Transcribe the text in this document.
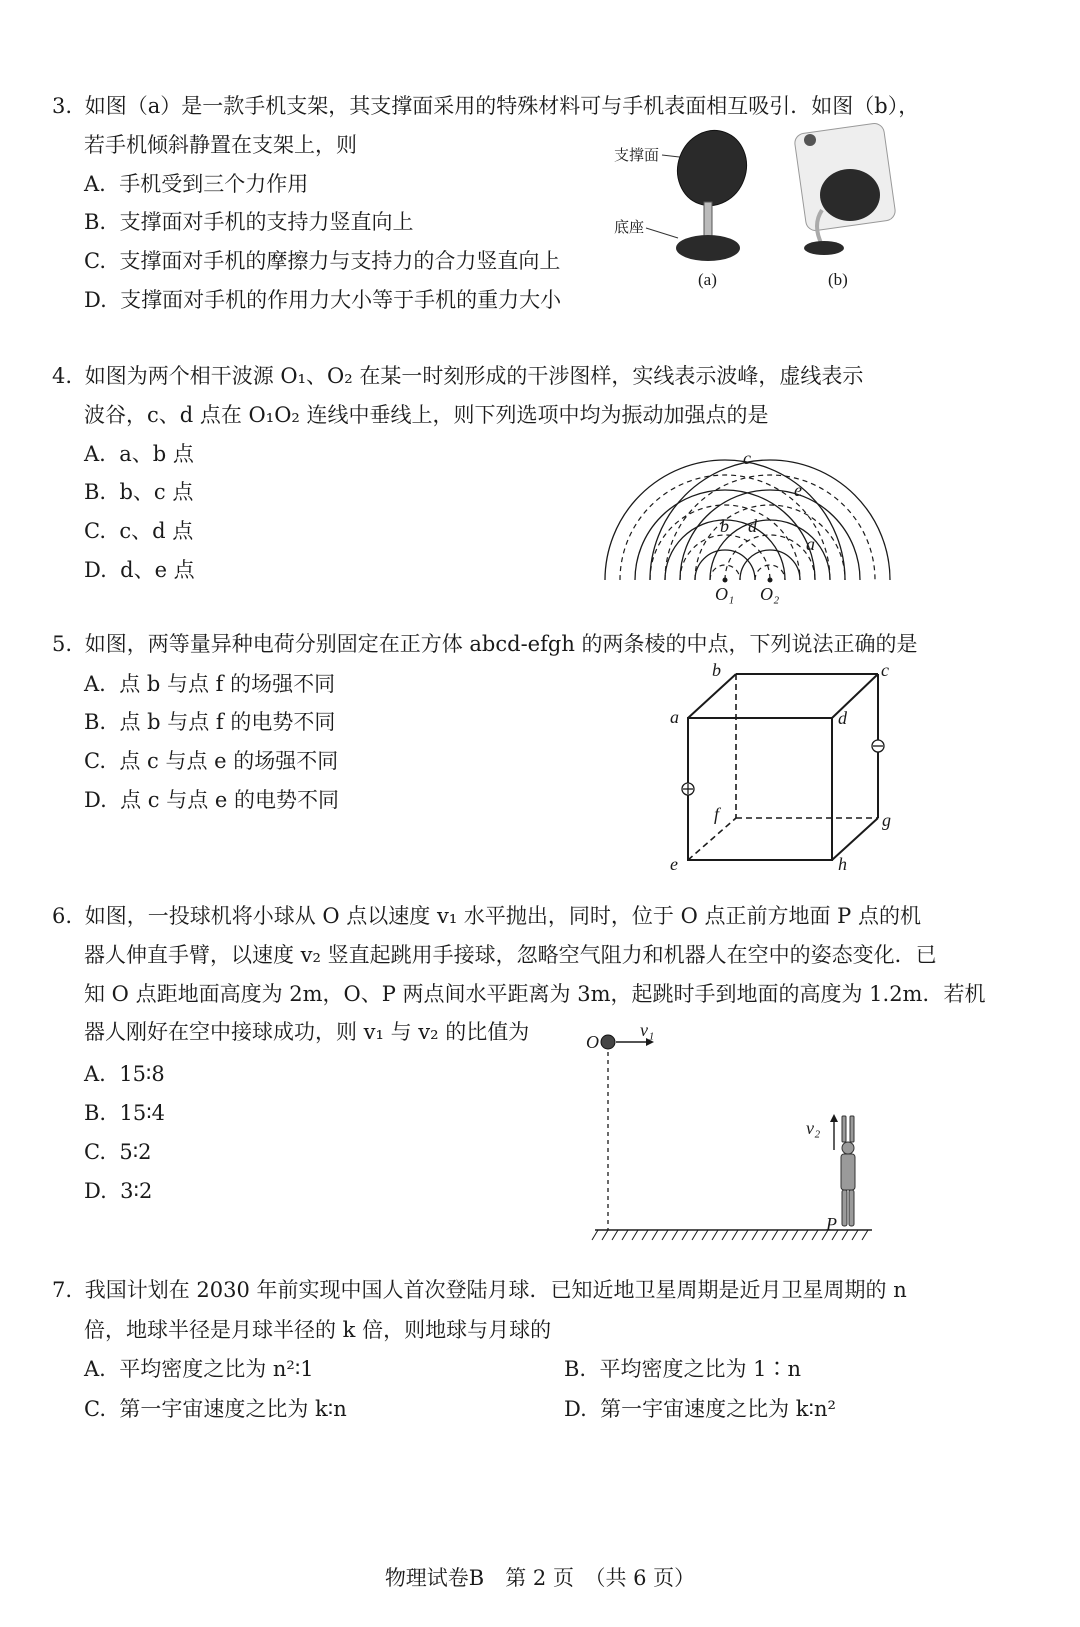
3. 如图（a）是一款手机支架，其支撑面采用的特殊材料可与手机表面相互吸引．如图（b），
若手机倾斜静置在支架上，则
A. 手机受到三个力作用
B. 支撑面对手机的支持力竖直向上
C. 支撑面对手机的摩擦力与支持力的合力竖直向上
D. 支撑面对手机的作用力大小等于手机的重力大小
支撑面
底座
(a)	(b)
4. 如图为两个相干波源 O₁、O₂ 在某一时刻形成的干涉图样，实线表示波峰，虚线表示
波谷，c、d 点在 O₁O₂ 连线中垂线上，则下列选项中均为振动加强点的是
A. a、b 点
B. b、c 点
C. c、d 点
D. d、e 点
O₁ O₂
c
e
b d
a
5. 如图，两等量异种电荷分别固定在正方体 abcd-efgh 的两条棱的中点，下列说法正确的是
A. 点 b 与点 f 的场强不同
B. 点 b 与点 f 的电势不同
C. 点 c 与点 e 的场强不同
D. 点 c 与点 e 的电势不同
a
b	c
d
e
f	g
h
6. 如图，一投球机将小球从 O 点以速度 v₁ 水平抛出，同时，位于 O 点正前方地面 P 点的机
器人伸直手臂，以速度 v₂ 竖直起跳用手接球，忽略空气阻力和机器人在空中的姿态变化．已
知 O 点距地面高度为 2m，O、P 两点间水平距离为 3m，起跳时手到地面的高度为 1.2m．若机
器人刚好在空中接球成功，则 v₁ 与 v₂ 的比值为
A. 15∶8
B. 15∶4
C. 5∶2
D. 3∶2
O
v₁
v₂
P
7. 我国计划在 2030 年前实现中国人首次登陆月球．已知近地卫星周期是近月卫星周期的 n
倍，地球半径是月球半径的 k 倍，则地球与月球的
A. 平均密度之比为 n²∶1	B. 平均密度之比为 1∶n
C. 第一宇宙速度之比为 k∶n	D. 第一宇宙速度之比为 k∶n²
物理试卷B　第 2 页　（共 6 页）
